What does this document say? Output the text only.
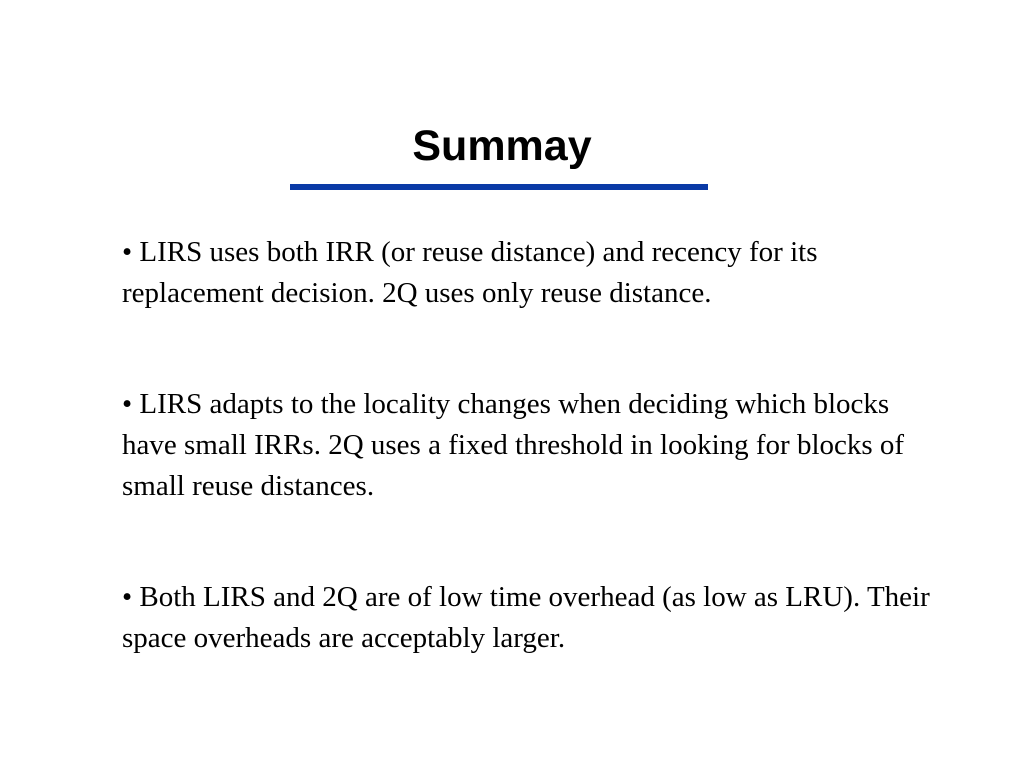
Summay
• LIRS uses both IRR (or reuse distance) and recency for its replacement decision. 2Q uses only reuse distance.
• LIRS adapts to the locality changes when deciding which blocks have small IRRs. 2Q uses a fixed threshold in looking for blocks of small reuse distances.
• Both LIRS and 2Q are of low time overhead (as low as LRU). Their space overheads are acceptably larger.
